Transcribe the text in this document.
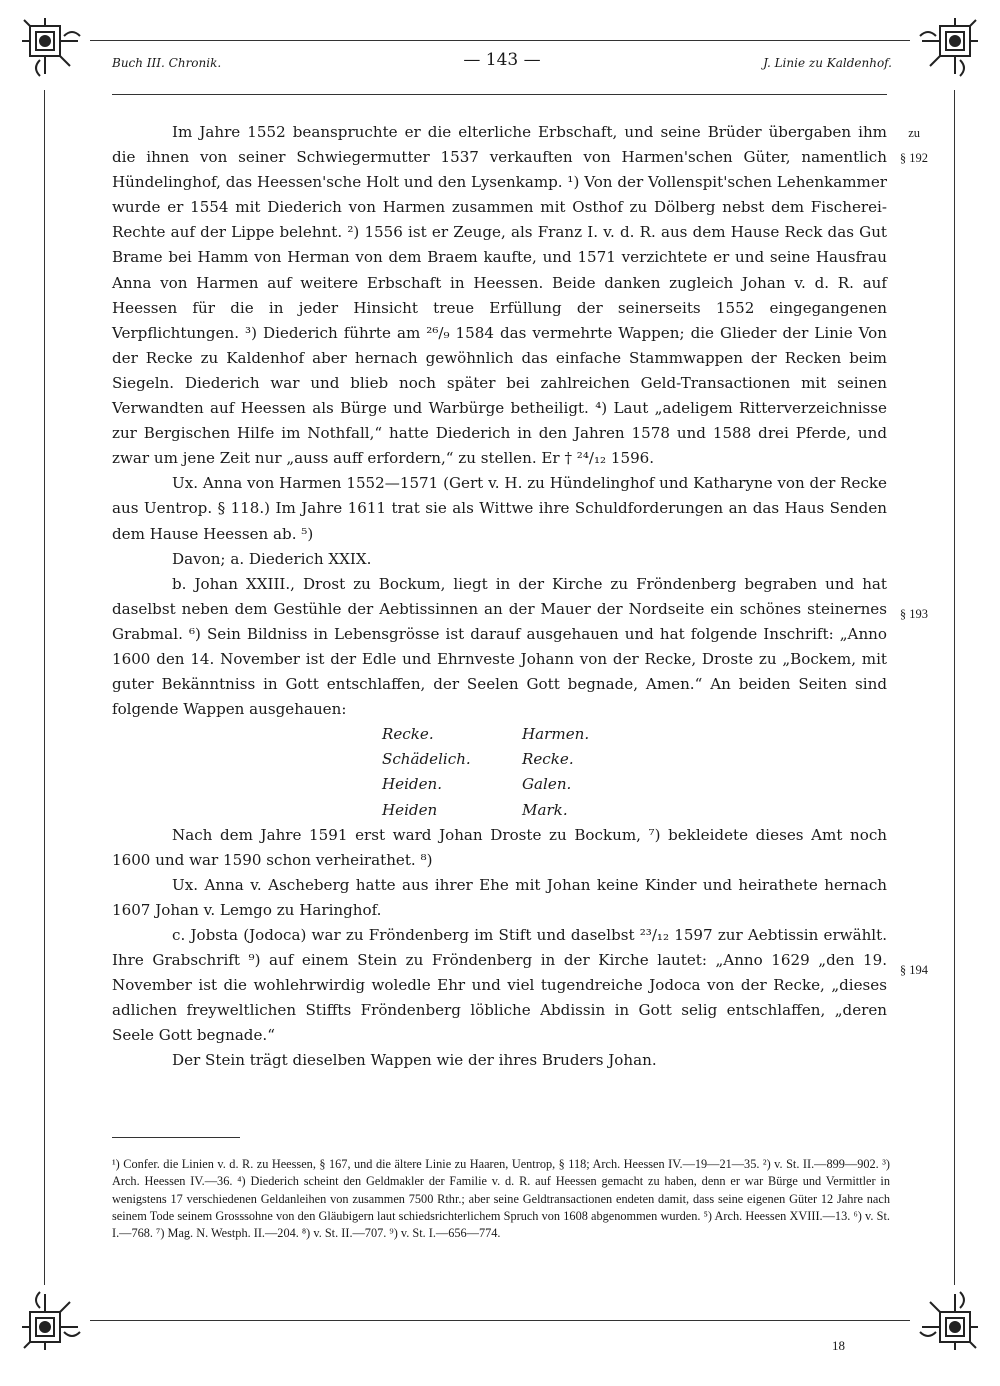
Buch III. Chronik.	— 143 —	J. Linie zu Kaldenhof.
zu
§ 192
§ 193
§ 194

Im Jahre 1552 beanspruchte er die elterliche Erbschaft, und seine Brüder übergaben ihm die ihnen von seiner Schwiegermutter 1537 verkauften von Harmen'schen Güter, namentlich Hündelinghof, das Heessen'sche Holt und den Lysenkamp. ¹) Von der Vollenspit'schen Lehenkammer wurde er 1554 mit Diederich von Harmen zusammen mit Osthof zu Dölberg nebst dem Fischerei-Rechte auf der Lippe belehnt. ²) 1556 ist er Zeuge, als Franz I. v. d. R. aus dem Hause Reck das Gut Brame bei Hamm von Herman von dem Braem kaufte, und 1571 verzichtete er und seine Hausfrau Anna von Harmen auf weitere Erbschaft in Heessen. Beide danken zugleich Johan v. d. R. auf Heessen für die in jeder Hinsicht treue Erfüllung der seinerseits 1552 eingegangenen Verpflichtungen. ³) Diederich führte am ²⁶/₉ 1584 das vermehrte Wappen; die Glieder der Linie Von der Recke zu Kaldenhof aber hernach gewöhnlich das einfache Stammwappen der Recken beim Siegeln. Diederich war und blieb noch später bei zahlreichen Geld-Transactionen mit seinen Verwandten auf Heessen als Bürge und Warbürge betheiligt. ⁴) Laut „adeligem Ritterverzeichnisse zur Bergischen Hilfe im Nothfall,“ hatte Diederich in den Jahren 1578 und 1588 drei Pferde, und zwar um jene Zeit nur „auss auff erfordern,“ zu stellen. Er † ²⁴/₁₂ 1596.

Ux. Anna von Harmen 1552—1571 (Gert v. H. zu Hündelinghof und Katharyne von der Recke aus Uentrop. § 118.) Im Jahre 1611 trat sie als Wittwe ihre Schuldforderungen an das Haus Senden dem Hause Heessen ab. ⁵)

Davon; a. Diederich XXIX.

b. Johan XXIII., Drost zu Bockum, liegt in der Kirche zu Fröndenberg begraben und hat daselbst neben dem Gestühle der Aebtissinnen an der Mauer der Nordseite ein schönes steinernes Grabmal. ⁶) Sein Bildniss in Lebensgrösse ist darauf ausgehauen und hat folgende Inschrift: „Anno 1600 den 14. November ist der Edle und Ehrnveste Johann von der Recke, Droste zu „Bockem, mit guter Bekänntniss in Gott entschlaffen, der Seelen Gott begnade, Amen.“ An beiden Seiten sind folgende Wappen ausgehauen:

Recke.	Harmen.
Schädelich.	Recke.
Heiden.	Galen.
Heiden	Mark.

Nach dem Jahre 1591 erst ward Johan Droste zu Bockum, ⁷) bekleidete dieses Amt noch 1600 und war 1590 schon verheirathet. ⁸)

Ux. Anna v. Ascheberg hatte aus ihrer Ehe mit Johan keine Kinder und heirathete hernach 1607 Johan v. Lemgo zu Haringhof.

c. Jobsta (Jodoca) war zu Fröndenberg im Stift und daselbst ²³/₁₂ 1597 zur Aebtissin erwählt. Ihre Grabschrift ⁹) auf einem Stein zu Fröndenberg in der Kirche lautet: „Anno 1629 „den 19. November ist die wohlehrwirdig woledle Ehr und viel tugendreiche Jodoca von der Recke, „dieses adlichen freyweltlichen Stiffts Fröndenberg löbliche Abdissin in Gott selig entschlaffen, „deren Seele Gott begnade.“

Der Stein trägt dieselben Wappen wie der ihres Bruders Johan.

¹) Confer. die Linien v. d. R. zu Heessen, § 167, und die ältere Linie zu Haaren, Uentrop, § 118; Arch. Heessen IV.—19—21—35. ²) v. St. II.—899—902. ³) Arch. Heessen IV.—36. ⁴) Diederich scheint den Geldmakler der Familie v. d. R. auf Heessen gemacht zu haben, denn er war Bürge und Vermittler in wenigstens 17 verschiedenen Geldanleihen von zusammen 7500 Rthr.; aber seine Geldtransactionen endeten damit, dass seine eigenen Güter 12 Jahre nach seinem Tode seinem Grosssohne von den Gläubigern laut schiedsrichterlichem Spruch von 1608 abgenommen wurden. ⁵) Arch. Heessen XVIII.—13. ⁶) v. St. I.—768. ⁷) Mag. N. Westph. II.—204. ⁸) v. St. II.—707. ⁹) v. St. I.—656—774.
18
